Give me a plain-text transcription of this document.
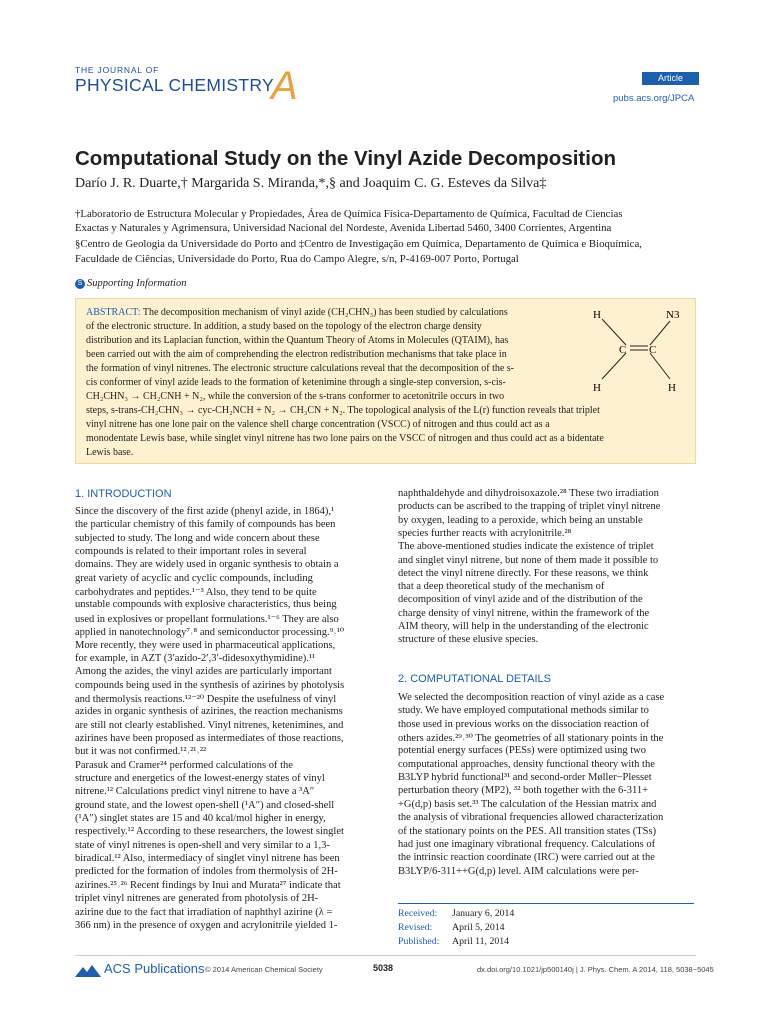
THE JOURNAL OF
PHYSICAL CHEMISTRY
A	Article
pubs.acs.org/JPCA
Computational Study on the Vinyl Azide Decomposition
Darío J. R. Duarte,† Margarida S. Miranda,*,§ and Joaquim C. G. Esteves da Silva‡
†Laboratorio de Estructura Molecular y Propiedades, Área de Química Física-Departamento de Química, Facultad de Ciencias
Exactas y Naturales y Agrimensura, Universidad Nacional del Nordeste, Avenida Libertad 5460, 3400 Corrientes, Argentina
§Centro de Geologia da Universidade do Porto and ‡Centro de Investigação em Química, Departamento de Química e Bioquímica,
Faculdade de Ciências, Universidade do Porto, Rua do Campo Alegre, s/n, P-4169-007 Porto, Portugal
S Supporting Information
ABSTRACT: The decomposition mechanism of vinyl azide (CH₂CHN₃) has been studied by calculations
of the electronic structure. In addition, a study based on the topology of the electron charge density
distribution and its Laplacian function, within the Quantum Theory of Atoms in Molecules (QTAIM), has
been carried out with the aim of comprehending the electron redistribution mechanisms that take place in
the formation of vinyl nitrenes. The electronic structure calculations reveal that the decomposition of the s-
cis conformer of vinyl azide leads to the formation of ketenimine through a single-step conversion, s-cis-
CH₂CHN₃ → CH₂CNH + N₂, while the conversion of the s-trans conformer to acetonitrile occurs in two
steps, s-trans-CH₂CHN₃ → cyc-CH₂NCH + N₂ → CH₃CN + N₂. The topological analysis of the L(r) function reveals that triplet
vinyl nitrene has one lone pair on the valence shell charge concentration (VSCC) of nitrogen and thus could act as a
monodentate Lewis base, while singlet vinyl nitrene has two lone pairs on the VSCC of nitrogen and thus could act as a bidentate
Lewis base.
H	N3
C C
H	H
1. INTRODUCTION
Since the discovery of the first azide (phenyl azide, in 1864),¹
the particular chemistry of this family of compounds has been
subjected to study. The long and wide concern about these
compounds is related to their important roles in several
domains. They are widely used in organic synthesis to obtain a
great variety of acyclic and cyclic compounds, including
carbohydrates and peptides.¹⁻³ Also, they tend to be quite
unstable compounds with explosive characteristics, thus being
used in explosives or propellant formulations.¹⁻⁶ They are also
applied in nanotechnology⁷˒⁸ and semiconductor processing.⁹˒¹⁰
More recently, they were used in pharmaceutical applications,
for example, in AZT (3′azido-2′,3′-didesoxythymidine).¹¹
Among the azides, the vinyl azides are particularly important
compounds being used in the synthesis of azirines by photolysis
and thermolysis reactions.¹²⁻²⁰ Despite the usefulness of vinyl
azides in organic synthesis of azirines, the reaction mechanisms
are still not clearly established. Vinyl nitrenes, ketenimines, and
azirines have been proposed as intermediates of those reactions,
but it was not confirmed.¹²˒²¹˒²²
Parasuk and Cramer²⁴ performed calculations of the
structure and energetics of the lowest-energy states of vinyl
nitrene.¹² Calculations predict vinyl nitrene to have a ³A″
ground state, and the lowest open-shell (¹A″) and closed-shell
(¹A″) singlet states are 15 and 40 kcal/mol higher in energy,
respectively.¹² According to these researchers, the lowest singlet
state of vinyl nitrenes is open-shell and very similar to a 1,3-
biradical.¹² Also, intermediacy of singlet vinyl nitrene has been
predicted for the formation of indoles from thermolysis of 2H-
azirines.²⁵˒²⁶ Recent findings by Inui and Murata²⁷ indicate that
triplet vinyl nitrenes are generated from photolysis of 2H-
azirine due to the fact that irradiation of naphthyl azirine (λ =
366 nm) in the presence of oxygen and acrylonitrile yielded 1-
naphthaldehyde and dihydroisoxazole.²⁸ These two irradiation
products can be ascribed to the trapping of triplet vinyl nitrene
by oxygen, leading to a peroxide, which being an unstable
species further reacts with acrylonitrile.²⁸
The above-mentioned studies indicate the existence of triplet
and singlet vinyl nitrene, but none of them made it possible to
detect the vinyl nitrene directly. For these reasons, we think
that a deep theoretical study of the mechanism of
decomposition of vinyl azide and of the distribution of the
charge density of vinyl nitrene, within the framework of the
AIM theory, will help in the understanding of the electronic
structure of these elusive species.
2. COMPUTATIONAL DETAILS
We selected the decomposition reaction of vinyl azide as a case
study. We have employed computational methods similar to
those used in previous works on the dissociation reaction of
others azides.²⁹˒³⁰ The geometries of all stationary points in the
potential energy surfaces (PESs) were optimized using two
computational approaches, density functional theory with the
B3LYP hybrid functional³¹ and second-order Møller−Plesset
perturbation theory (MP2), ³² both together with the 6-311+
+G(d,p) basis set.³³ The calculation of the Hessian matrix and
the analysis of vibrational frequencies allowed characterization
of the stationary points on the PES. All transition states (TSs)
had just one imaginary vibrational frequency. Calculations of
the intrinsic reaction coordinate (IRC) were carried out at the
B3LYP/6-311++G(d,p) level. AIM calculations were per-
Received: January 6, 2014
Revised: April 5, 2014
Published: April 11, 2014
ACS Publications © 2014 American Chemical Society	5038	dx.doi.org/10.1021/jp500140j | J. Phys. Chem. A 2014, 118, 5038−5045
